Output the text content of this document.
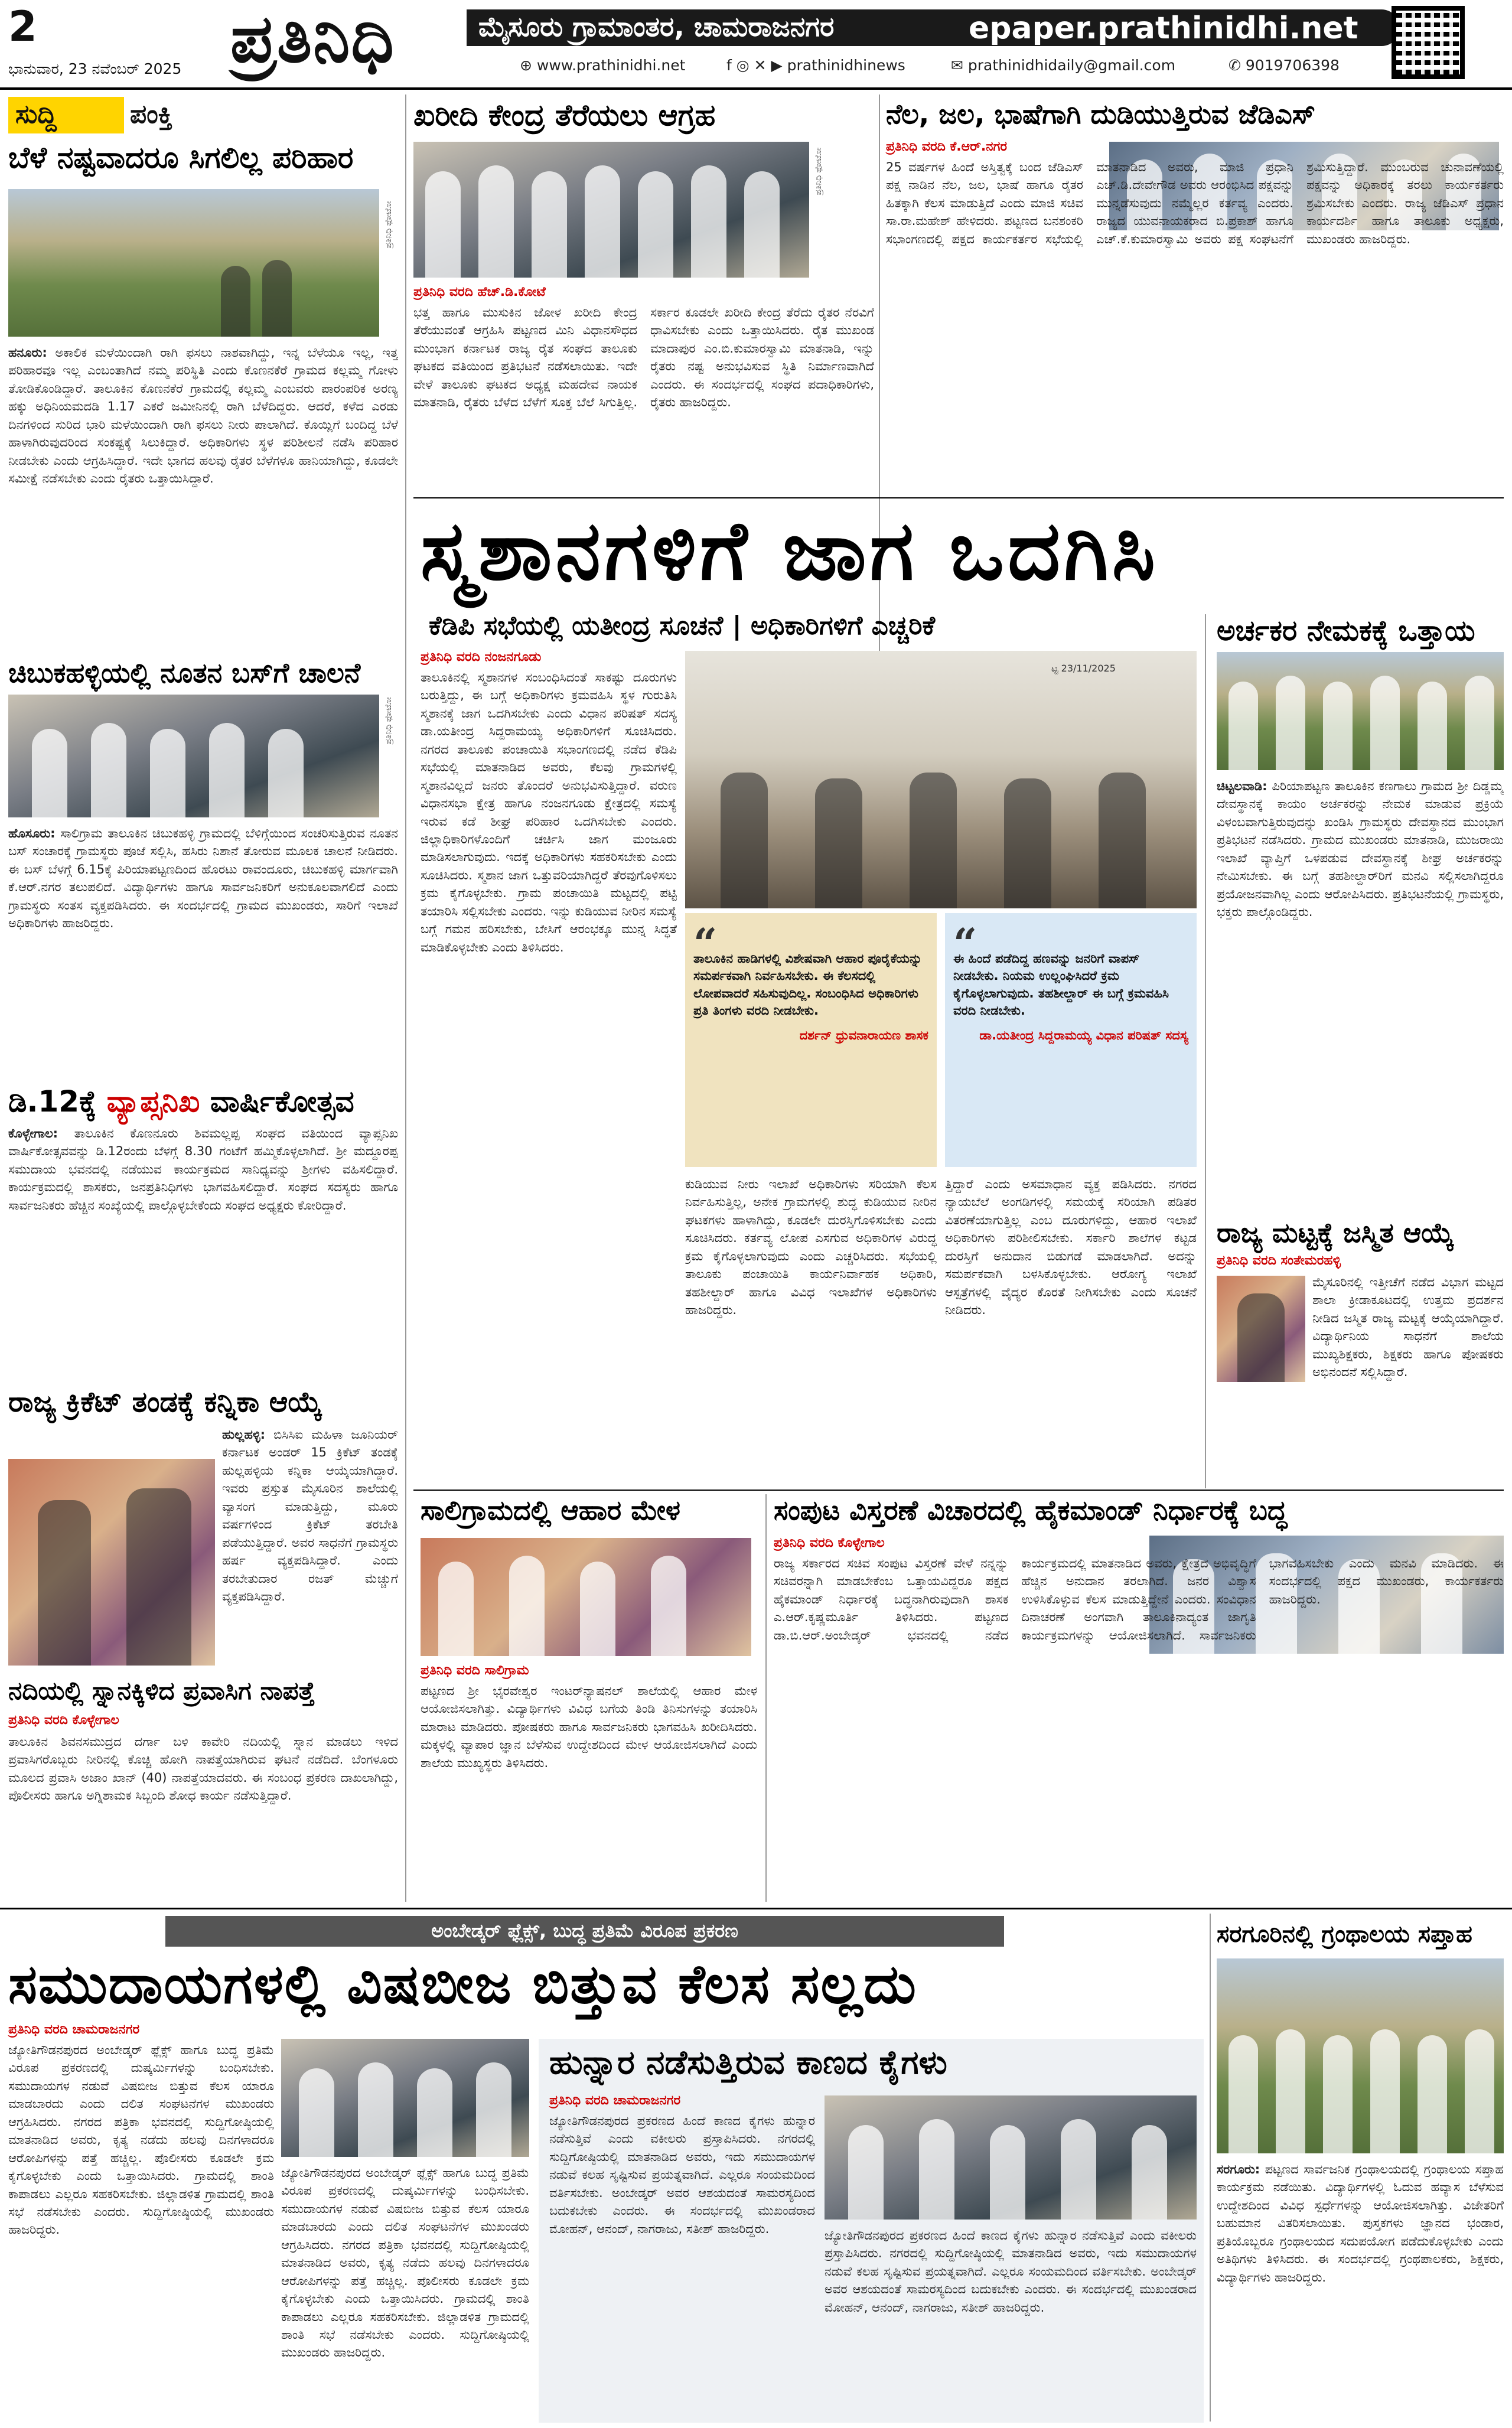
2	ಪ್ರತಿನಿಧಿ	ಮೈಸೂರು ಗ್ರಾಮಾಂತರ, ಚಾಮರಾಜನಗರ	epaper.prathinidhi.net
ಭಾನುವಾರ, 23 ನವೆಂಬರ್ 2025	⊕ www.prathinidhi.net	f ◎ ✕ ▶ prathinidhinews	✉ prathinidhidaily@gmail.com	✆ 9019706398
ಸುದ್ದಿ	ಪಂಕ್ತಿ
ಬೆಳೆ ನಷ್ಟವಾದರೂ ಸಿಗಲಿಲ್ಲ ಪರಿಹಾರ
ಪ್ರತಿನಿಧಿ ಫೋಟೋ
ಹನೂರು: ಅಕಾಲಿಕ ಮಳೆಯಿಂದಾಗಿ ರಾಗಿ ಫಸಲು ನಾಶವಾಗಿದ್ದು, ಇನ್ನ ಬೆಳೆಯೂ ಇಲ್ಲ, ಇತ್ತ ಪರಿಹಾರವೂ ಇಲ್ಲ ಎಂಬಂತಾಗಿದೆ ನಮ್ಮ ಪರಿಸ್ಥಿತಿ ಎಂದು ಕೊಣನಕೆರೆ ಗ್ರಾಮದ ಕಲ್ಲಮ್ಮ ಗೋಳು ತೋಡಿಕೊಂಡಿದ್ದಾರೆ. ತಾಲೂಕಿನ ಕೊಣನಕೆರೆ ಗ್ರಾಮದಲ್ಲಿ ಕಲ್ಲಮ್ಮ ಎಂಬವರು ಪಾರಂಪರಿಕ ಅರಣ್ಯ ಹಕ್ಕು ಅಧಿನಿಯಮದಡಿ 1.17 ಎಕರೆ ಜಮೀನಿನಲ್ಲಿ ರಾಗಿ ಬೆಳೆದಿದ್ದರು. ಆದರೆ, ಕಳೆದ ಎರಡು ದಿನಗಳಿಂದ ಸುರಿದ ಭಾರಿ ಮಳೆಯಿಂದಾಗಿ ರಾಗಿ ಫಸಲು ನೀರು ಪಾಲಾಗಿದೆ. ಕೊಯ್ಲಿಗೆ ಬಂದಿದ್ದ ಬೆಳೆ ಹಾಳಾಗಿರುವುದರಿಂದ ಸಂಕಷ್ಟಕ್ಕೆ ಸಿಲುಕಿದ್ದಾರೆ. ಅಧಿಕಾರಿಗಳು ಸ್ಥಳ ಪರಿಶೀಲನೆ ನಡೆಸಿ ಪರಿಹಾರ ನೀಡಬೇಕು ಎಂದು ಆಗ್ರಹಿಸಿದ್ದಾರೆ. ಇದೇ ಭಾಗದ ಹಲವು ರೈತರ ಬೆಳೆಗಳೂ ಹಾನಿಯಾಗಿದ್ದು, ಕೂಡಲೇ ಸಮೀಕ್ಷೆ ನಡೆಸಬೇಕು ಎಂದು ರೈತರು ಒತ್ತಾಯಿಸಿದ್ದಾರೆ.
ಚಿಬುಕಹಳ್ಳಿಯಲ್ಲಿ ನೂತನ ಬಸ್‌ಗೆ ಚಾಲನೆ
ಪ್ರತಿನಿಧಿ ಫೋಟೋ
ಹೊಸೂರು: ಸಾಲಿಗ್ರಾಮ ತಾಲೂಕಿನ ಚಿಬುಕಹಳ್ಳಿ ಗ್ರಾಮದಲ್ಲಿ ಬೆಳಿಗ್ಗೆಯಿಂದ ಸಂಚರಿಸುತ್ತಿರುವ ನೂತನ ಬಸ್ ಸಂಚಾರಕ್ಕೆ ಗ್ರಾಮಸ್ಥರು ಪೂಜೆ ಸಲ್ಲಿಸಿ, ಹಸಿರು ನಿಶಾನೆ ತೋರುವ ಮೂಲಕ ಚಾಲನೆ ನೀಡಿದರು. ಈ ಬಸ್ ಬೆಳಗ್ಗೆ 6.15ಕ್ಕೆ ಪಿರಿಯಾಪಟ್ಟಣದಿಂದ ಹೊರಟು ರಾವಂದೂರು, ಚಿಬುಕಹಳ್ಳಿ ಮಾರ್ಗವಾಗಿ ಕೆ.ಆರ್.ನಗರ ತಲುಪಲಿದೆ. ವಿದ್ಯಾರ್ಥಿಗಳು ಹಾಗೂ ಸಾರ್ವಜನಿಕರಿಗೆ ಅನುಕೂಲವಾಗಲಿದೆ ಎಂದು ಗ್ರಾಮಸ್ಥರು ಸಂತಸ ವ್ಯಕ್ತಪಡಿಸಿದರು. ಈ ಸಂದರ್ಭದಲ್ಲಿ ಗ್ರಾಮದ ಮುಖಂಡರು, ಸಾರಿಗೆ ಇಲಾಖೆ ಅಧಿಕಾರಿಗಳು ಹಾಜರಿದ್ದರು.
ಡಿ.12ಕ್ಕೆ ವ್ಯಾಪ್ಸನಿಖ ವಾರ್ಷಿಕೋತ್ಸವ
ಕೊಳ್ಳೇಗಾಲ: ತಾಲೂಕಿನ ಕೊಣನೂರು ಶಿವಮಲ್ಲಪ್ಪ ಸಂಘದ ವತಿಯಿಂದ ವ್ಯಾಪ್ಸನಿಖ ವಾರ್ಷಿಕೋತ್ಸವವನ್ನು ಡಿ.12ರಂದು ಬೆಳಗ್ಗೆ 8.30 ಗಂಟೆಗೆ ಹಮ್ಮಿಕೊಳ್ಳಲಾಗಿದೆ. ಶ್ರೀ ಮದ್ದೂರಪ್ಪ ಸಮುದಾಯ ಭವನದಲ್ಲಿ ನಡೆಯುವ ಕಾರ್ಯಕ್ರಮದ ಸಾನಿಧ್ಯವನ್ನು ಶ್ರೀಗಳು ವಹಿಸಲಿದ್ದಾರೆ. ಕಾರ್ಯಕ್ರಮದಲ್ಲಿ ಶಾಸಕರು, ಜನಪ್ರತಿನಿಧಿಗಳು ಭಾಗವಹಿಸಲಿದ್ದಾರೆ. ಸಂಘದ ಸದಸ್ಯರು ಹಾಗೂ ಸಾರ್ವಜನಿಕರು ಹೆಚ್ಚಿನ ಸಂಖ್ಯೆಯಲ್ಲಿ ಪಾಲ್ಗೊಳ್ಳಬೇಕೆಂದು ಸಂಘದ ಅಧ್ಯಕ್ಷರು ಕೋರಿದ್ದಾರೆ.
ರಾಜ್ಯ ಕ್ರಿಕೆಟ್ ತಂಡಕ್ಕೆ ಕನ್ನಿಕಾ ಆಯ್ಕೆ
ಹುಲ್ಲಹಳ್ಳಿ: ಬಿಸಿಸಿಐ ಮಹಿಳಾ ಜೂನಿಯರ್ ಕರ್ನಾಟಕ ಅಂಡರ್ 15 ಕ್ರಿಕೆಟ್ ತಂಡಕ್ಕೆ ಹುಲ್ಲಹಳ್ಳಿಯ ಕನ್ನಿಕಾ ಆಯ್ಕೆಯಾಗಿದ್ದಾರೆ. ಇವರು ಪ್ರಸ್ತುತ ಮೈಸೂರಿನ ಶಾಲೆಯಲ್ಲಿ ವ್ಯಾಸಂಗ ಮಾಡುತ್ತಿದ್ದು, ಮೂರು ವರ್ಷಗಳಿಂದ ಕ್ರಿಕೆಟ್ ತರಬೇತಿ ಪಡೆಯುತ್ತಿದ್ದಾರೆ. ಅವರ ಸಾಧನೆಗೆ ಗ್ರಾಮಸ್ಥರು ಹರ್ಷ ವ್ಯಕ್ತಪಡಿಸಿದ್ದಾರೆ. ಎಂದು ತರಬೇತುದಾರ ರಜತ್ ಮೆಚ್ಚುಗೆ ವ್ಯಕ್ತಪಡಿಸಿದ್ದಾರೆ.
ನದಿಯಲ್ಲಿ ಸ್ನಾನಕ್ಕಿಳಿದ ಪ್ರವಾಸಿಗ ನಾಪತ್ತೆ
ಪ್ರತಿನಿಧಿ ವರದಿ ಕೊಳ್ಳೇಗಾಲ
ತಾಲೂಕಿನ ಶಿವನಸಮುದ್ರದ ದರ್ಗಾ ಬಳಿ ಕಾವೇರಿ ನದಿಯಲ್ಲಿ ಸ್ನಾನ ಮಾಡಲು ಇಳಿದ ಪ್ರವಾಸಿಗರೊಬ್ಬರು ನೀರಿನಲ್ಲಿ ಕೊಚ್ಚಿ ಹೋಗಿ ನಾಪತ್ತೆಯಾಗಿರುವ ಘಟನೆ ನಡೆದಿದೆ. ಬೆಂಗಳೂರು ಮೂಲದ ಪ್ರವಾಸಿ ಅಜಾಂ ಖಾನ್ (40) ನಾಪತ್ತೆಯಾದವರು. ಈ ಸಂಬಂಧ ಪ್ರಕರಣ ದಾಖಲಾಗಿದ್ದು, ಪೊಲೀಸರು ಹಾಗೂ ಅಗ್ನಿಶಾಮಕ ಸಿಬ್ಬಂದಿ ಶೋಧ ಕಾರ್ಯ ನಡೆಸುತ್ತಿದ್ದಾರೆ.
ಖರೀದಿ ಕೇಂದ್ರ ತೆರೆಯಲು ಆಗ್ರಹ
ಪ್ರತಿನಿಧಿ ಫೋಟೋ
ಪ್ರತಿನಿಧಿ ವರದಿ ಹೆಚ್.ಡಿ.ಕೋಟೆ
ಭತ್ತ ಹಾಗೂ ಮುಸುಕಿನ ಜೋಳ ಖರೀದಿ ಕೇಂದ್ರ ತೆರೆಯುವಂತೆ ಆಗ್ರಹಿಸಿ ಪಟ್ಟಣದ ಮಿನಿ ವಿಧಾನಸೌಧದ ಮುಂಭಾಗ ಕರ್ನಾಟಕ ರಾಜ್ಯ ರೈತ ಸಂಘದ ತಾಲೂಕು ಘಟಕದ ವತಿಯಿಂದ ಪ್ರತಿಭಟನೆ ನಡೆಸಲಾಯಿತು. ಇದೇ ವೇಳೆ ತಾಲೂಕು ಘಟಕದ ಅಧ್ಯಕ್ಷ ಮಹದೇವ ನಾಯಕ ಮಾತನಾಡಿ, ರೈತರು ಬೆಳೆದ ಬೆಳೆಗೆ ಸೂಕ್ತ ಬೆಲೆ ಸಿಗುತ್ತಿಲ್ಲ. ಸರ್ಕಾರ ಕೂಡಲೇ ಖರೀದಿ ಕೇಂದ್ರ ತೆರೆದು ರೈತರ ನೆರವಿಗೆ ಧಾವಿಸಬೇಕು ಎಂದು ಒತ್ತಾಯಿಸಿದರು. ರೈತ ಮುಖಂಡ ಮಾದಾಪುರ ಎಂ.ಬಿ.ಕುಮಾರಸ್ವಾಮಿ ಮಾತನಾಡಿ, ಇನ್ನು ರೈತರು ನಷ್ಟ ಅನುಭವಿಸುವ ಸ್ಥಿತಿ ನಿರ್ಮಾಣವಾಗಿದೆ ಎಂದರು. ಈ ಸಂದರ್ಭದಲ್ಲಿ ಸಂಘದ ಪದಾಧಿಕಾರಿಗಳು, ರೈತರು ಹಾಜರಿದ್ದರು.
ನೆಲ, ಜಲ, ಭಾಷೆಗಾಗಿ ದುಡಿಯುತ್ತಿರುವ ಜೆಡಿಎಸ್
ಪ್ರತಿನಿಧಿ ವರದಿ ಕೆ.ಆರ್.ನಗರ
25 ವರ್ಷಗಳ ಹಿಂದೆ ಅಸ್ತಿತ್ವಕ್ಕೆ ಬಂದ ಜೆಡಿಎಸ್ ಪಕ್ಷ ನಾಡಿನ ನೆಲ, ಜಲ, ಭಾಷೆ ಹಾಗೂ ರೈತರ ಹಿತಕ್ಕಾಗಿ ಕೆಲಸ ಮಾಡುತ್ತಿದೆ ಎಂದು ಮಾಜಿ ಸಚಿವ ಸಾ.ರಾ.ಮಹೇಶ್ ಹೇಳಿದರು. ಪಟ್ಟಣದ ಬನಶಂಕರಿ ಸಭಾಂಗಣದಲ್ಲಿ ಪಕ್ಷದ ಕಾರ್ಯಕರ್ತರ ಸಭೆಯಲ್ಲಿ ಮಾತನಾಡಿದ ಅವರು, ಮಾಜಿ ಪ್ರಧಾನಿ ಎಚ್.ಡಿ.ದೇವೇಗೌಡ ಅವರು ಆರಂಭಿಸಿದ ಪಕ್ಷವನ್ನು ಮುನ್ನಡೆಸುವುದು ನಮ್ಮೆಲ್ಲರ ಕರ್ತವ್ಯ ಎಂದರು. ರಾಜ್ಯದ ಯುವನಾಯಕರಾದ ಬಿ.ಪ್ರಕಾಶ್ ಹಾಗೂ ಎಚ್.ಕೆ.ಕುಮಾರಸ್ವಾಮಿ ಅವರು ಪಕ್ಷ ಸಂಘಟನೆಗೆ ಶ್ರಮಿಸುತ್ತಿದ್ದಾರೆ. ಮುಂಬರುವ ಚುನಾವಣೆಯಲ್ಲಿ ಪಕ್ಷವನ್ನು ಅಧಿಕಾರಕ್ಕೆ ತರಲು ಕಾರ್ಯಕರ್ತರು ಶ್ರಮಿಸಬೇಕು ಎಂದರು. ರಾಜ್ಯ ಜೆಡಿಎಸ್ ಪ್ರಧಾನ ಕಾರ್ಯದರ್ಶಿ ಹಾಗೂ ತಾಲೂಕು ಅಧ್ಯಕ್ಷರು, ಮುಖಂಡರು ಹಾಜರಿದ್ದರು.
ಸ್ಮಶಾನಗಳಿಗೆ ಜಾಗ ಒದಗಿಸಿ
ಕೆಡಿಪಿ ಸಭೆಯಲ್ಲಿ ಯತೀಂದ್ರ ಸೂಚನೆ | ಅಧಿಕಾರಿಗಳಿಗೆ ಎಚ್ಚರಿಕೆ
ಪ್ರತಿನಿಧಿ ವರದಿ ನಂಜನಗೂಡು
ತಾಲೂಕಿನಲ್ಲಿ ಸ್ಮಶಾನಗಳ ಸಂಬಂಧಿಸಿದಂತೆ ಸಾಕಷ್ಟು ದೂರುಗಳು ಬರುತ್ತಿದ್ದು, ಈ ಬಗ್ಗೆ ಅಧಿಕಾರಿಗಳು ಕ್ರಮವಹಿಸಿ ಸ್ಥಳ ಗುರುತಿಸಿ ಸ್ಮಶಾನಕ್ಕೆ ಜಾಗ ಒದಗಿಸಬೇಕು ಎಂದು ವಿಧಾನ ಪರಿಷತ್ ಸದಸ್ಯ ಡಾ.ಯತೀಂದ್ರ ಸಿದ್ದರಾಮಯ್ಯ ಅಧಿಕಾರಿಗಳಿಗೆ ಸೂಚಿಸಿದರು. ನಗರದ ತಾಲೂಕು ಪಂಚಾಯಿತಿ ಸಭಾಂಗಣದಲ್ಲಿ ನಡೆದ ಕೆಡಿಪಿ ಸಭೆಯಲ್ಲಿ ಮಾತನಾಡಿದ ಅವರು, ಕೆಲವು ಗ್ರಾಮಗಳಲ್ಲಿ ಸ್ಮಶಾನವಿಲ್ಲದೆ ಜನರು ತೊಂದರೆ ಅನುಭವಿಸುತ್ತಿದ್ದಾರೆ. ವರುಣ ವಿಧಾನಸಭಾ ಕ್ಷೇತ್ರ ಹಾಗೂ ನಂಜನಗೂಡು ಕ್ಷೇತ್ರದಲ್ಲಿ ಸಮಸ್ಯೆ ಇರುವ ಕಡೆ ಶೀಘ್ರ ಪರಿಹಾರ ಒದಗಿಸಬೇಕು ಎಂದರು. ಜಿಲ್ಲಾಧಿಕಾರಿಗಳೊಂದಿಗೆ ಚರ್ಚಿಸಿ ಜಾಗ ಮಂಜೂರು ಮಾಡಿಸಲಾಗುವುದು. ಇದಕ್ಕೆ ಅಧಿಕಾರಿಗಳು ಸಹಕರಿಸಬೇಕು ಎಂದು ಸೂಚಿಸಿದರು. ಸ್ಮಶಾನ ಜಾಗ ಒತ್ತುವರಿಯಾಗಿದ್ದರೆ ತೆರವುಗೊಳಿಸಲು ಕ್ರಮ ಕೈಗೊಳ್ಳಬೇಕು. ಗ್ರಾಮ ಪಂಚಾಯಿತಿ ಮಟ್ಟದಲ್ಲಿ ಪಟ್ಟಿ ತಯಾರಿಸಿ ಸಲ್ಲಿಸಬೇಕು ಎಂದರು. ಇನ್ನು ಕುಡಿಯುವ ನೀರಿನ ಸಮಸ್ಯೆ ಬಗ್ಗೆ ಗಮನ ಹರಿಸಬೇಕು, ಬೇಸಿಗೆ ಆರಂಭಕ್ಕೂ ಮುನ್ನ ಸಿದ್ಧತೆ ಮಾಡಿಕೊಳ್ಳಬೇಕು ಎಂದು ತಿಳಿಸಿದರು.
ಟ್ಟ 23/11/2025
“
ತಾಲೂಕಿನ ಹಾಡಿಗಳಲ್ಲಿ ವಿಶೇಷವಾಗಿ ಆಹಾರ ಪೂರೈಕೆಯನ್ನು ಸಮರ್ಪಕವಾಗಿ ನಿರ್ವಹಿಸಬೇಕು. ಈ ಕೆಲಸದಲ್ಲಿ ಲೋಪವಾದರೆ ಸಹಿಸುವುದಿಲ್ಲ. ಸಂಬಂಧಿಸಿದ ಅಧಿಕಾರಿಗಳು ಪ್ರತಿ ತಿಂಗಳು ವರದಿ ನೀಡಬೇಕು.
ದರ್ಶನ್ ಧ್ರುವನಾರಾಯಣ ಶಾಸಕ
“
ಈ ಹಿಂದೆ ಪಡೆದಿದ್ದ ಹಣವನ್ನು ಜನರಿಗೆ ವಾಪಸ್ ನೀಡಬೇಕು. ನಿಯಮ ಉಲ್ಲಂಘಿಸಿದರೆ ಕ್ರಮ ಕೈಗೊಳ್ಳಲಾಗುವುದು. ತಹಶೀಲ್ದಾರ್ ಈ ಬಗ್ಗೆ ಕ್ರಮವಹಿಸಿ ವರದಿ ನೀಡಬೇಕು.
ಡಾ.ಯತೀಂದ್ರ ಸಿದ್ದರಾಮಯ್ಯ ವಿಧಾನ ಪರಿಷತ್ ಸದಸ್ಯ
ಕುಡಿಯುವ ನೀರು ಇಲಾಖೆ ಅಧಿಕಾರಿಗಳು ಸರಿಯಾಗಿ ಕೆಲಸ ನಿರ್ವಹಿಸುತ್ತಿಲ್ಲ, ಅನೇಕ ಗ್ರಾಮಗಳಲ್ಲಿ ಶುದ್ಧ ಕುಡಿಯುವ ನೀರಿನ ಘಟಕಗಳು ಹಾಳಾಗಿದ್ದು, ಕೂಡಲೇ ದುರಸ್ತಿಗೊಳಿಸಬೇಕು ಎಂದು ಸೂಚಿಸಿದರು. ಕರ್ತವ್ಯ ಲೋಪ ಎಸಗುವ ಅಧಿಕಾರಿಗಳ ವಿರುದ್ಧ ಕ್ರಮ ಕೈಗೊಳ್ಳಲಾಗುವುದು ಎಂದು ಎಚ್ಚರಿಸಿದರು. ಸಭೆಯಲ್ಲಿ ತಾಲೂಕು ಪಂಚಾಯಿತಿ ಕಾರ್ಯನಿರ್ವಾಹಕ ಅಧಿಕಾರಿ, ತಹಶೀಲ್ದಾರ್ ಹಾಗೂ ವಿವಿಧ ಇಲಾಖೆಗಳ ಅಧಿಕಾರಿಗಳು ಹಾಜರಿದ್ದರು.
ತ್ತಿದ್ದಾರೆ ಎಂದು ಅಸಮಾಧಾನ ವ್ಯಕ್ತ ಪಡಿಸಿದರು. ನಗರದ ನ್ಯಾಯಬೆಲೆ ಅಂಗಡಿಗಳಲ್ಲಿ ಸಮಯಕ್ಕೆ ಸರಿಯಾಗಿ ಪಡಿತರ ವಿತರಣೆಯಾಗುತ್ತಿಲ್ಲ ಎಂಬ ದೂರುಗಳಿದ್ದು, ಆಹಾರ ಇಲಾಖೆ ಅಧಿಕಾರಿಗಳು ಪರಿಶೀಲಿಸಬೇಕು. ಸರ್ಕಾರಿ ಶಾಲೆಗಳ ಕಟ್ಟಡ ದುರಸ್ತಿಗೆ ಅನುದಾನ ಬಿಡುಗಡೆ ಮಾಡಲಾಗಿದೆ. ಅದನ್ನು ಸಮರ್ಪಕವಾಗಿ ಬಳಸಿಕೊಳ್ಳಬೇಕು. ಆರೋಗ್ಯ ಇಲಾಖೆ ಆಸ್ಪತ್ರೆಗಳಲ್ಲಿ ವೈದ್ಯರ ಕೊರತೆ ನೀಗಿಸಬೇಕು ಎಂದು ಸೂಚನೆ ನೀಡಿದರು.
ಅರ್ಚಕರ ನೇಮಕಕ್ಕೆ ಒತ್ತಾಯ
ಚಿಟ್ಟಲವಾಡಿ: ಪಿರಿಯಾಪಟ್ಟಣ ತಾಲೂಕಿನ ಕಣಗಾಲು ಗ್ರಾಮದ ಶ್ರೀ ದಿಡ್ಡಮ್ಮ ದೇವಸ್ಥಾನಕ್ಕೆ ಕಾಯಂ ಅರ್ಚಕರನ್ನು ನೇಮಕ ಮಾಡುವ ಪ್ರಕ್ರಿಯೆ ವಿಳಂಬವಾಗುತ್ತಿರುವುದನ್ನು ಖಂಡಿಸಿ ಗ್ರಾಮಸ್ಥರು ದೇವಸ್ಥಾನದ ಮುಂಭಾಗ ಪ್ರತಿಭಟನೆ ನಡೆಸಿದರು. ಗ್ರಾಮದ ಮುಖಂಡರು ಮಾತನಾಡಿ, ಮುಜರಾಯಿ ಇಲಾಖೆ ವ್ಯಾಪ್ತಿಗೆ ಒಳಪಡುವ ದೇವಸ್ಥಾನಕ್ಕೆ ಶೀಘ್ರ ಅರ್ಚಕರನ್ನು ನೇಮಿಸಬೇಕು. ಈ ಬಗ್ಗೆ ತಹಶೀಲ್ದಾರ್‌ರಿಗೆ ಮನವಿ ಸಲ್ಲಿಸಲಾಗಿದ್ದರೂ ಪ್ರಯೋಜನವಾಗಿಲ್ಲ ಎಂದು ಆರೋಪಿಸಿದರು. ಪ್ರತಿಭಟನೆಯಲ್ಲಿ ಗ್ರಾಮಸ್ಥರು, ಭಕ್ತರು ಪಾಲ್ಗೊಂಡಿದ್ದರು.
ರಾಜ್ಯ ಮಟ್ಟಕ್ಕೆ ಜಸ್ಮಿತ ಆಯ್ಕೆ
ಪ್ರತಿನಿಧಿ ವರದಿ ಸಂತೇಮರಹಳ್ಳಿ
ಮೈಸೂರಿನಲ್ಲಿ ಇತ್ತೀಚೆಗೆ ನಡೆದ ವಿಭಾಗ ಮಟ್ಟದ ಶಾಲಾ ಕ್ರೀಡಾಕೂಟದಲ್ಲಿ ಉತ್ತಮ ಪ್ರದರ್ಶನ ನೀಡಿದ ಜಸ್ಮಿತ ರಾಜ್ಯ ಮಟ್ಟಕ್ಕೆ ಆಯ್ಕೆಯಾಗಿದ್ದಾರೆ. ವಿದ್ಯಾರ್ಥಿನಿಯ ಸಾಧನೆಗೆ ಶಾಲೆಯ ಮುಖ್ಯಶಿಕ್ಷಕರು, ಶಿಕ್ಷಕರು ಹಾಗೂ ಪೋಷಕರು ಅಭಿನಂದನೆ ಸಲ್ಲಿಸಿದ್ದಾರೆ.
ಸಾಲಿಗ್ರಾಮದಲ್ಲಿ ಆಹಾರ ಮೇಳ
ಪ್ರತಿನಿಧಿ ವರದಿ ಸಾಲಿಗ್ರಾಮ
ಪಟ್ಟಣದ ಶ್ರೀ ಭೈರವೇಶ್ವರ ಇಂಟರ್‌ನ್ಯಾಷನಲ್ ಶಾಲೆಯಲ್ಲಿ ಆಹಾರ ಮೇಳ ಆಯೋಜಿಸಲಾಗಿತ್ತು. ವಿದ್ಯಾರ್ಥಿಗಳು ವಿವಿಧ ಬಗೆಯ ತಿಂಡಿ ತಿನಿಸುಗಳನ್ನು ತಯಾರಿಸಿ ಮಾರಾಟ ಮಾಡಿದರು. ಪೋಷಕರು ಹಾಗೂ ಸಾರ್ವಜನಿಕರು ಭಾಗವಹಿಸಿ ಖರೀದಿಸಿದರು. ಮಕ್ಕಳಲ್ಲಿ ವ್ಯಾಪಾರ ಜ್ಞಾನ ಬೆಳೆಸುವ ಉದ್ದೇಶದಿಂದ ಮೇಳ ಆಯೋಜಿಸಲಾಗಿದೆ ಎಂದು ಶಾಲೆಯ ಮುಖ್ಯಸ್ಥರು ತಿಳಿಸಿದರು.
ಸಂಪುಟ ವಿಸ್ತರಣೆ ವಿಚಾರದಲ್ಲಿ ಹೈಕಮಾಂಡ್ ನಿರ್ಧಾರಕ್ಕೆ ಬದ್ಧ
ಪ್ರತಿನಿಧಿ ವರದಿ ಕೊಳ್ಳೇಗಾಲ
ರಾಜ್ಯ ಸರ್ಕಾರದ ಸಚಿವ ಸಂಪುಟ ವಿಸ್ತರಣೆ ವೇಳೆ ನನ್ನನ್ನು ಸಚಿವರನ್ನಾಗಿ ಮಾಡಬೇಕೆಂಬ ಒತ್ತಾಯವಿದ್ದರೂ ಪಕ್ಷದ ಹೈಕಮಾಂಡ್ ನಿರ್ಧಾರಕ್ಕೆ ಬದ್ಧನಾಗಿರುವುದಾಗಿ ಶಾಸಕ ಎ.ಆರ್.ಕೃಷ್ಣಮೂರ್ತಿ ತಿಳಿಸಿದರು. ಪಟ್ಟಣದ ಡಾ.ಬಿ.ಆರ್.ಅಂಬೇಡ್ಕರ್ ಭವನದಲ್ಲಿ ನಡೆದ ಕಾರ್ಯಕ್ರಮದಲ್ಲಿ ಮಾತನಾಡಿದ ಅವರು, ಕ್ಷೇತ್ರದ ಅಭಿವೃದ್ಧಿಗೆ ಹೆಚ್ಚಿನ ಅನುದಾನ ತರಲಾಗಿದೆ. ಜನರ ವಿಶ್ವಾಸ ಉಳಿಸಿಕೊಳ್ಳುವ ಕೆಲಸ ಮಾಡುತ್ತಿದ್ದೇನೆ ಎಂದರು. ಸಂವಿಧಾನ ದಿನಾಚರಣೆ ಅಂಗವಾಗಿ ತಾಲೂಕಿನಾದ್ಯಂತ ಜಾಗೃತಿ ಕಾರ್ಯಕ್ರಮಗಳನ್ನು ಆಯೋಜಿಸಲಾಗಿದೆ. ಸಾರ್ವಜನಿಕರು ಭಾಗವಹಿಸಬೇಕು ಎಂದು ಮನವಿ ಮಾಡಿದರು. ಈ ಸಂದರ್ಭದಲ್ಲಿ ಪಕ್ಷದ ಮುಖಂಡರು, ಕಾರ್ಯಕರ್ತರು ಹಾಜರಿದ್ದರು.
ಅಂಬೇಡ್ಕರ್ ಫ್ಲೆಕ್ಸ್, ಬುದ್ಧ ಪ್ರತಿಮೆ ವಿರೂಪ ಪ್ರಕರಣ
ಸಮುದಾಯಗಳಲ್ಲಿ ವಿಷಬೀಜ ಬಿತ್ತುವ ಕೆಲಸ ಸಲ್ಲದು
ಪ್ರತಿನಿಧಿ ವರದಿ ಚಾಮರಾಜನಗರ
ಜ್ಯೋತಿಗೌಡನಪುರದ ಅಂಬೇಡ್ಕರ್ ಫ್ಲೆಕ್ಸ್ ಹಾಗೂ ಬುದ್ಧ ಪ್ರತಿಮೆ ವಿರೂಪ ಪ್ರಕರಣದಲ್ಲಿ ದುಷ್ಕರ್ಮಿಗಳನ್ನು ಬಂಧಿಸಬೇಕು. ಸಮುದಾಯಗಳ ನಡುವೆ ವಿಷಬೀಜ ಬಿತ್ತುವ ಕೆಲಸ ಯಾರೂ ಮಾಡಬಾರದು ಎಂದು ದಲಿತ ಸಂಘಟನೆಗಳ ಮುಖಂಡರು ಆಗ್ರಹಿಸಿದರು. ನಗರದ ಪತ್ರಿಕಾ ಭವನದಲ್ಲಿ ಸುದ್ದಿಗೋಷ್ಠಿಯಲ್ಲಿ ಮಾತನಾಡಿದ ಅವರು, ಕೃತ್ಯ ನಡೆದು ಹಲವು ದಿನಗಳಾದರೂ ಆರೋಪಿಗಳನ್ನು ಪತ್ತೆ ಹಚ್ಚಿಲ್ಲ. ಪೊಲೀಸರು ಕೂಡಲೇ ಕ್ರಮ ಕೈಗೊಳ್ಳಬೇಕು ಎಂದು ಒತ್ತಾಯಿಸಿದರು. ಗ್ರಾಮದಲ್ಲಿ ಶಾಂತಿ ಕಾಪಾಡಲು ಎಲ್ಲರೂ ಸಹಕರಿಸಬೇಕು. ಜಿಲ್ಲಾಡಳಿತ ಗ್ರಾಮದಲ್ಲಿ ಶಾಂತಿ ಸಭೆ ನಡೆಸಬೇಕು ಎಂದರು. ಸುದ್ದಿಗೋಷ್ಠಿಯಲ್ಲಿ ಮುಖಂಡರು ಹಾಜರಿದ್ದರು.
ಜ್ಯೋತಿಗೌಡನಪುರದ ಅಂಬೇಡ್ಕರ್ ಫ್ಲೆಕ್ಸ್ ಹಾಗೂ ಬುದ್ಧ ಪ್ರತಿಮೆ ವಿರೂಪ ಪ್ರಕರಣದಲ್ಲಿ ದುಷ್ಕರ್ಮಿಗಳನ್ನು ಬಂಧಿಸಬೇಕು. ಸಮುದಾಯಗಳ ನಡುವೆ ವಿಷಬೀಜ ಬಿತ್ತುವ ಕೆಲಸ ಯಾರೂ ಮಾಡಬಾರದು ಎಂದು ದಲಿತ ಸಂಘಟನೆಗಳ ಮುಖಂಡರು ಆಗ್ರಹಿಸಿದರು. ನಗರದ ಪತ್ರಿಕಾ ಭವನದಲ್ಲಿ ಸುದ್ದಿಗೋಷ್ಠಿಯಲ್ಲಿ ಮಾತನಾಡಿದ ಅವರು, ಕೃತ್ಯ ನಡೆದು ಹಲವು ದಿನಗಳಾದರೂ ಆರೋಪಿಗಳನ್ನು ಪತ್ತೆ ಹಚ್ಚಿಲ್ಲ. ಪೊಲೀಸರು ಕೂಡಲೇ ಕ್ರಮ ಕೈಗೊಳ್ಳಬೇಕು ಎಂದು ಒತ್ತಾಯಿಸಿದರು. ಗ್ರಾಮದಲ್ಲಿ ಶಾಂತಿ ಕಾಪಾಡಲು ಎಲ್ಲರೂ ಸಹಕರಿಸಬೇಕು. ಜಿಲ್ಲಾಡಳಿತ ಗ್ರಾಮದಲ್ಲಿ ಶಾಂತಿ ಸಭೆ ನಡೆಸಬೇಕು ಎಂದರು. ಸುದ್ದಿಗೋಷ್ಠಿಯಲ್ಲಿ ಮುಖಂಡರು ಹಾಜರಿದ್ದರು.
ಹುನ್ನಾರ ನಡೆಸುತ್ತಿರುವ ಕಾಣದ ಕೈಗಳು
ಪ್ರತಿನಿಧಿ ವರದಿ ಚಾಮರಾಜನಗರ
ಜ್ಯೋತಿಗೌಡನಪುರದ ಪ್ರಕರಣದ ಹಿಂದೆ ಕಾಣದ ಕೈಗಳು ಹುನ್ನಾರ ನಡೆಸುತ್ತಿವೆ ಎಂದು ವಕೀಲರು ಪ್ರಸ್ತಾಪಿಸಿದರು. ನಗರದಲ್ಲಿ ಸುದ್ದಿಗೋಷ್ಠಿಯಲ್ಲಿ ಮಾತನಾಡಿದ ಅವರು, ಇದು ಸಮುದಾಯಗಳ ನಡುವೆ ಕಲಹ ಸೃಷ್ಟಿಸುವ ಪ್ರಯತ್ನವಾಗಿದೆ. ಎಲ್ಲರೂ ಸಂಯಮದಿಂದ ವರ್ತಿಸಬೇಕು. ಅಂಬೇಡ್ಕರ್ ಅವರ ಆಶಯದಂತೆ ಸಾಮರಸ್ಯದಿಂದ ಬದುಕಬೇಕು ಎಂದರು. ಈ ಸಂದರ್ಭದಲ್ಲಿ ಮುಖಂಡರಾದ ಮೋಹನ್, ಆನಂದ್, ನಾಗರಾಜು, ಸತೀಶ್ ಹಾಜರಿದ್ದರು.	ಜ್ಯೋತಿಗೌಡನಪುರದ ಪ್ರಕರಣದ ಹಿಂದೆ ಕಾಣದ ಕೈಗಳು ಹುನ್ನಾರ ನಡೆಸುತ್ತಿವೆ ಎಂದು ವಕೀಲರು ಪ್ರಸ್ತಾಪಿಸಿದರು. ನಗರದಲ್ಲಿ ಸುದ್ದಿಗೋಷ್ಠಿಯಲ್ಲಿ ಮಾತನಾಡಿದ ಅವರು, ಇದು ಸಮುದಾಯಗಳ ನಡುವೆ ಕಲಹ ಸೃಷ್ಟಿಸುವ ಪ್ರಯತ್ನವಾಗಿದೆ. ಎಲ್ಲರೂ ಸಂಯಮದಿಂದ ವರ್ತಿಸಬೇಕು. ಅಂಬೇಡ್ಕರ್ ಅವರ ಆಶಯದಂತೆ ಸಾಮರಸ್ಯದಿಂದ ಬದುಕಬೇಕು ಎಂದರು. ಈ ಸಂದರ್ಭದಲ್ಲಿ ಮುಖಂಡರಾದ ಮೋಹನ್, ಆನಂದ್, ನಾಗರಾಜು, ಸತೀಶ್ ಹಾಜರಿದ್ದರು.
ಸರಗೂರಿನಲ್ಲಿ ಗ್ರಂಥಾಲಯ ಸಪ್ತಾಹ
ಸರಗೂರು: ಪಟ್ಟಣದ ಸಾರ್ವಜನಿಕ ಗ್ರಂಥಾಲಯದಲ್ಲಿ ಗ್ರಂಥಾಲಯ ಸಪ್ತಾಹ ಕಾರ್ಯಕ್ರಮ ನಡೆಯಿತು. ವಿದ್ಯಾರ್ಥಿಗಳಲ್ಲಿ ಓದುವ ಹವ್ಯಾಸ ಬೆಳೆಸುವ ಉದ್ದೇಶದಿಂದ ವಿವಿಧ ಸ್ಪರ್ಧೆಗಳನ್ನು ಆಯೋಜಿಸಲಾಗಿತ್ತು. ವಿಜೇತರಿಗೆ ಬಹುಮಾನ ವಿತರಿಸಲಾಯಿತು. ಪುಸ್ತಕಗಳು ಜ್ಞಾನದ ಭಂಡಾರ, ಪ್ರತಿಯೊಬ್ಬರೂ ಗ್ರಂಥಾಲಯದ ಸದುಪಯೋಗ ಪಡೆದುಕೊಳ್ಳಬೇಕು ಎಂದು ಅತಿಥಿಗಳು ತಿಳಿಸಿದರು. ಈ ಸಂದರ್ಭದಲ್ಲಿ ಗ್ರಂಥಪಾಲಕರು, ಶಿಕ್ಷಕರು, ವಿದ್ಯಾರ್ಥಿಗಳು ಹಾಜರಿದ್ದರು.
